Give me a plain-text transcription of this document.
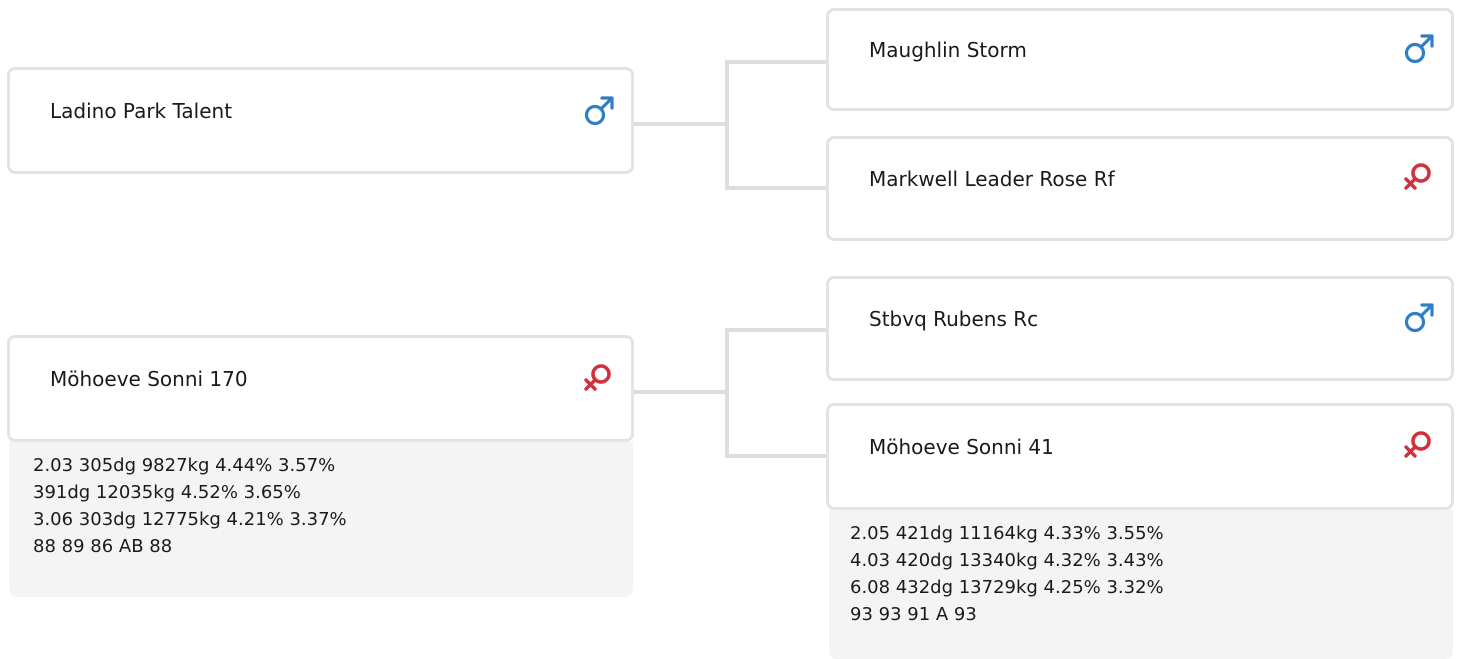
Ladino Park Talent
Möhoeve Sonni 170
2.03 305dg 9827kg 4.44% 3.57%
391dg 12035kg 4.52% 3.65%
3.06 303dg 12775kg 4.21% 3.37%
88 89 86 AB 88
Maughlin Storm
Markwell Leader Rose Rf
Stbvq Rubens Rc
Möhoeve Sonni 41
2.05 421dg 11164kg 4.33% 3.55%
4.03 420dg 13340kg 4.32% 3.43%
6.08 432dg 13729kg 4.25% 3.32%
93 93 91 A 93
